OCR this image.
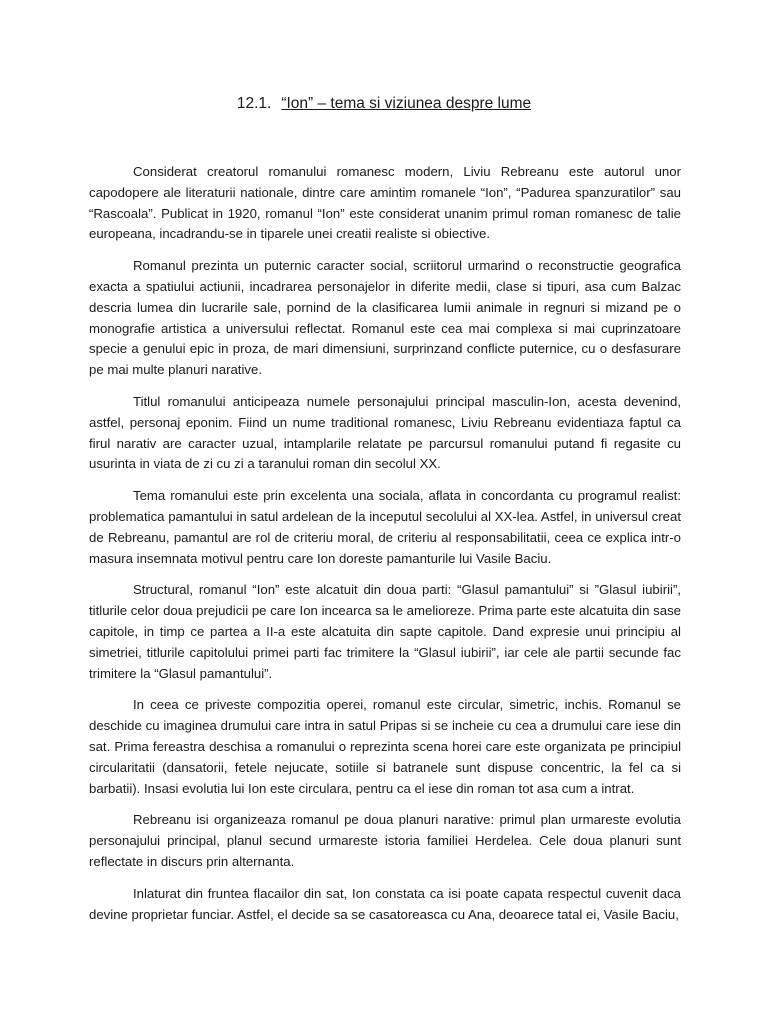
12.1. “Ion” – tema si viziunea despre lume

Considerat creatorul romanului romanesc modern, Liviu Rebreanu este autorul unor capodopere ale literaturii nationale, dintre care amintim romanele “Ion”, “Padurea spanzuratilor” sau “Rascoala”. Publicat in 1920, romanul “Ion” este considerat unanim primul roman romanesc de talie europeana, incadrandu-se in tiparele unei creatii realiste si obiective.

Romanul prezinta un puternic caracter social, scriitorul urmarind o reconstructie geografica exacta a spatiului actiunii, incadrarea personajelor in diferite medii, clase si tipuri, asa cum Balzac descria lumea din lucrarile sale, pornind de la clasificarea lumii animale in regnuri si mizand pe o monografie artistica a universului reflectat. Romanul este cea mai complexa si mai cuprinzatoare specie a genului epic in proza, de mari dimensiuni, surprinzand conflicte puternice, cu o desfasurare pe mai multe planuri narative.

Titlul romanului anticipeaza numele personajului principal masculin-Ion, acesta devenind, astfel, personaj eponim. Fiind un nume traditional romanesc, Liviu Rebreanu evidentiaza faptul ca firul narativ are caracter uzual, intamplarile relatate pe parcursul romanului putand fi regasite cu usurinta in viata de zi cu zi a taranului roman din secolul XX.

Tema romanului este prin excelenta una sociala, aflata in concordanta cu programul realist: problematica pamantului in satul ardelean de la inceputul secolului al XX-lea. Astfel, in universul creat de Rebreanu, pamantul are rol de criteriu moral, de criteriu al responsabilitatii, ceea ce explica intr-o masura insemnata motivul pentru care Ion doreste pamanturile lui Vasile Baciu.

Structural, romanul “Ion” este alcatuit din doua parti: “Glasul pamantului” si ”Glasul iubirii”, titlurile celor doua prejudicii pe care Ion incearca sa le amelioreze. Prima parte este alcatuita din sase capitole, in timp ce partea a II-a este alcatuita din sapte capitole. Dand expresie unui principiu al simetriei, titlurile capitolului primei parti fac trimitere la “Glasul iubirii”, iar cele ale partii secunde fac trimitere la “Glasul pamantului”.

In ceea ce priveste compozitia operei, romanul este circular, simetric, inchis. Romanul se deschide cu imaginea drumului care intra in satul Pripas si se incheie cu cea a drumului care iese din sat. Prima fereastra deschisa a romanului o reprezinta scena horei care este organizata pe principiul circularitatii (dansatorii, fetele nejucate, sotiile si batranele sunt dispuse concentric, la fel ca si barbatii). Insasi evolutia lui Ion este circulara, pentru ca el iese din roman tot asa cum a intrat.

Rebreanu isi organizeaza romanul pe doua planuri narative: primul plan urmareste evolutia personajului principal, planul secund urmareste istoria familiei Herdelea. Cele doua planuri sunt reflectate in discurs prin alternanta.

Inlaturat din fruntea flacailor din sat, Ion constata ca isi poate capata respectul cuvenit daca devine proprietar funciar. Astfel, el decide sa se casatoreasca cu Ana, deoarece tatal ei, Vasile Baciu,
